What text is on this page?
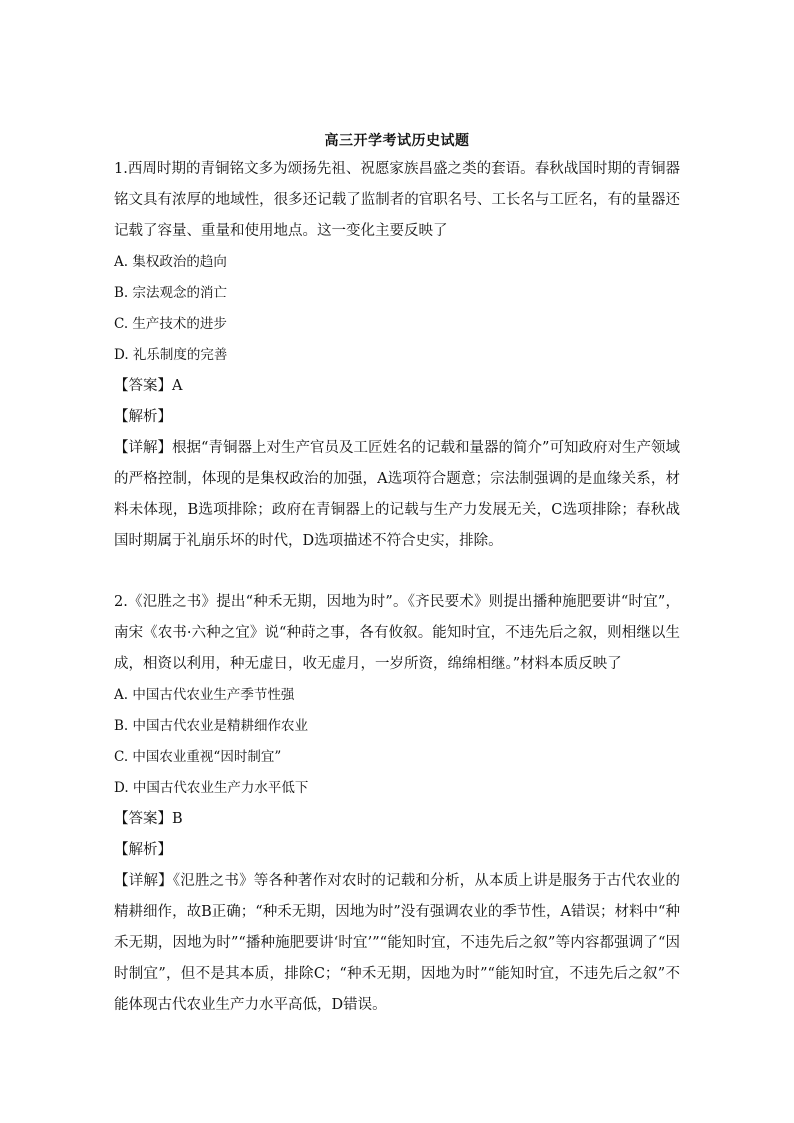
高三开学考试历史试题

1.西周时期的青铜铭文多为颂扬先祖、祝愿家族昌盛之类的套语。春秋战国时期的青铜器铭文具有浓厚的地域性，很多还记载了监制者的官职名号、工长名与工匠名，有的量器还记载了容量、重量和使用地点。这一变化主要反映了

A. 集权政治的趋向

B. 宗法观念的消亡

C. 生产技术的进步

D. 礼乐制度的完善

【答案】A

【解析】

【详解】根据“青铜器上对生产官员及工匠姓名的记载和量器的简介”可知政府对生产领域的严格控制，体现的是集权政治的加强，A选项符合题意；宗法制强调的是血缘关系，材料未体现，B选项排除；政府在青铜器上的记载与生产力发展无关，C选项排除；春秋战国时期属于礼崩乐坏的时代，D选项描述不符合史实，排除。

2.《氾胜之书》提出“种禾无期，因地为时”。《齐民要术》则提出播种施肥要讲“时宜”，南宋《农书·六种之宜》说“种莳之事，各有攸叙。能知时宜，不违先后之叙，则相继以生成，相资以利用，种无虚日，收无虚月，一岁所资，绵绵相继。”材料本质反映了

A. 中国古代农业生产季节性强

B. 中国古代农业是精耕细作农业

C. 中国农业重视“因时制宜”

D. 中国古代农业生产力水平低下

【答案】B

【解析】

【详解】《氾胜之书》等各种著作对农时的记载和分析，从本质上讲是服务于古代农业的精耕细作，故B正确；“种禾无期，因地为时”没有强调农业的季节性，A错误；材料中“种禾无期，因地为时”“播种施肥要讲‘时宜’”“能知时宜，不违先后之叙”等内容都强调了“因时制宜”，但不是其本质，排除C；“种禾无期，因地为时”“能知时宜，不违先后之叙”不能体现古代农业生产力水平高低，D错误。
